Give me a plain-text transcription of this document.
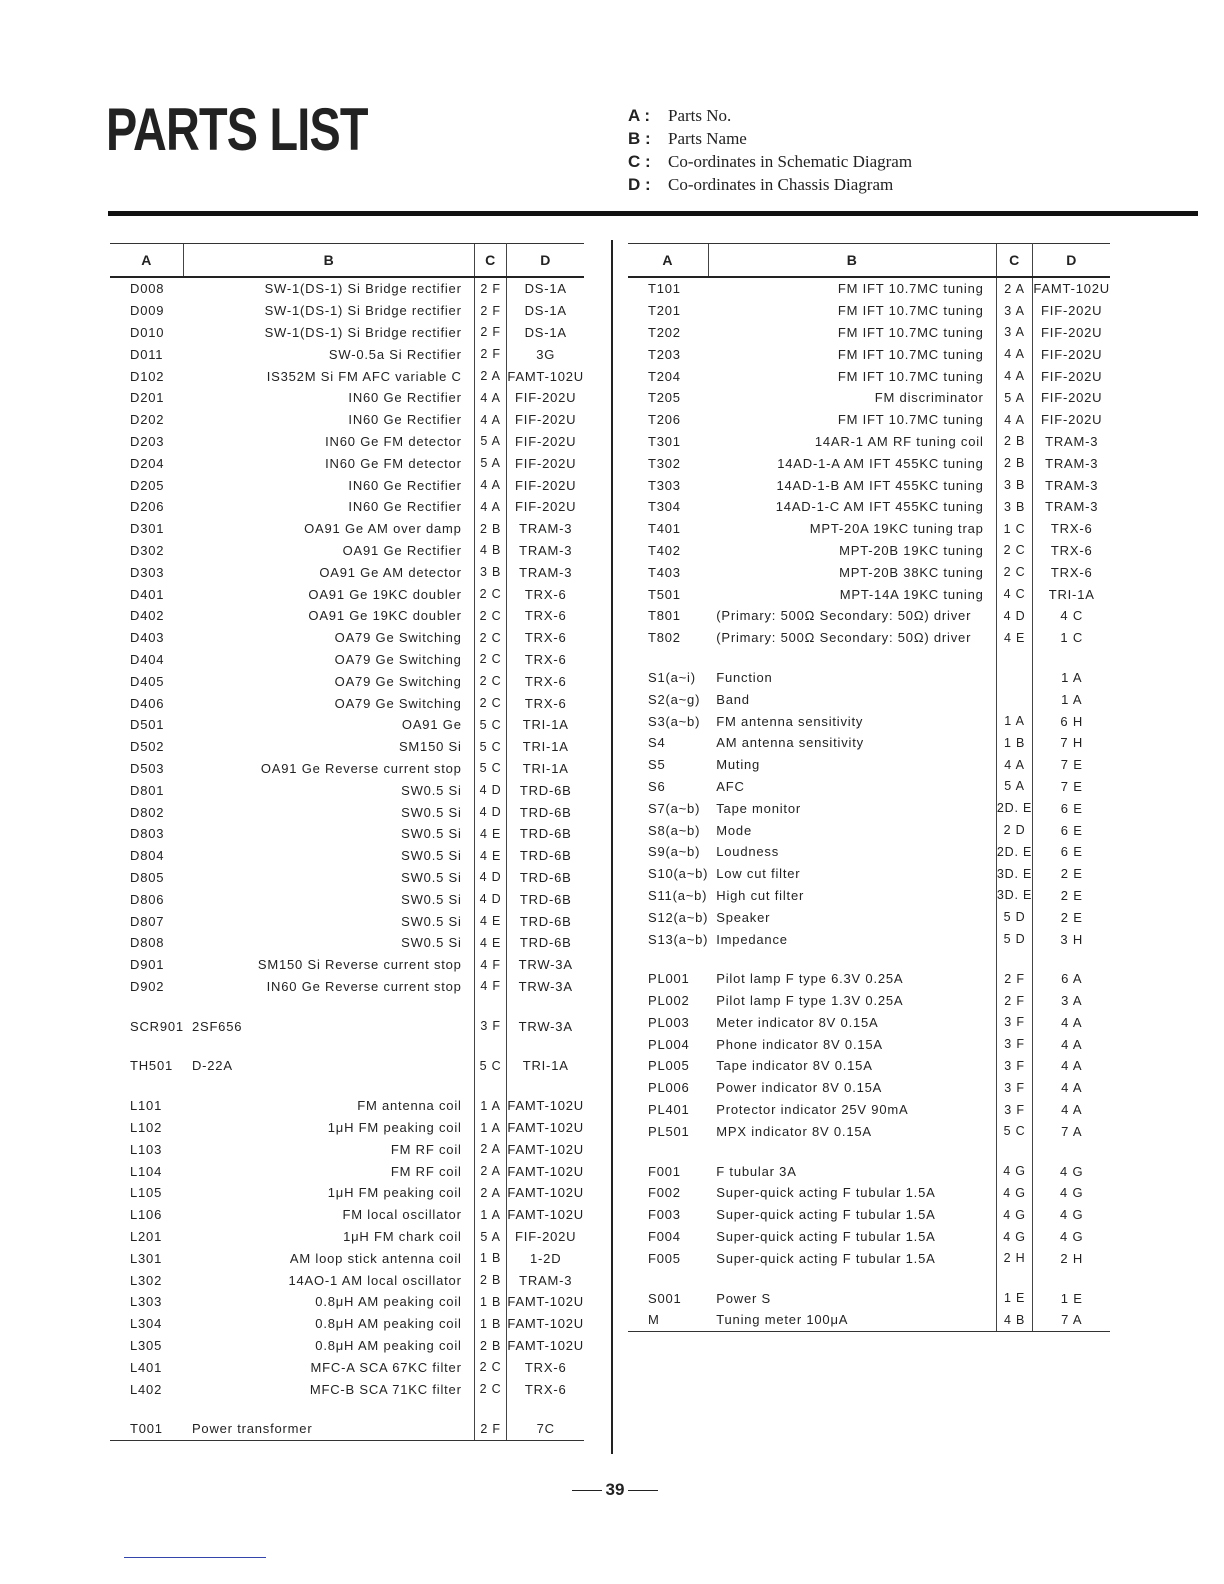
PARTS LIST	A : Parts No.
B : Parts Name
C : Co-ordinates in Schematic Diagram
D : Co-ordinates in Chassis Diagram
A	B	C	D
D008	SW-1(DS-1) Si Bridge rectifier	2 F	DS-1A
D009	SW-1(DS-1) Si Bridge rectifier	2 F	DS-1A
D010	SW-1(DS-1) Si Bridge rectifier	2 F	DS-1A
D011	SW-0.5a Si Rectifier	2 F	3G
D102	IS352M Si FM AFC variable C	2 A	FAMT-102U
D201	IN60 Ge Rectifier	4 A	FIF-202U
D202	IN60 Ge Rectifier	4 A	FIF-202U
D203	IN60 Ge FM detector	5 A	FIF-202U
D204	IN60 Ge FM detector	5 A	FIF-202U
D205	IN60 Ge Rectifier	4 A	FIF-202U
D206	IN60 Ge Rectifier	4 A	FIF-202U
D301	OA91 Ge AM over damp	2 B	TRAM-3
D302	OA91 Ge Rectifier	4 B	TRAM-3
D303	OA91 Ge AM detector	3 B	TRAM-3
D401	OA91 Ge 19KC doubler	2 C	TRX-6
D402	OA91 Ge 19KC doubler	2 C	TRX-6
D403	OA79 Ge Switching	2 C	TRX-6
D404	OA79 Ge Switching	2 C	TRX-6
D405	OA79 Ge Switching	2 C	TRX-6
D406	OA79 Ge Switching	2 C	TRX-6
D501	OA91 Ge	5 C	TRI-1A
D502	SM150 Si	5 C	TRI-1A
D503	OA91 Ge Reverse current stop	5 C	TRI-1A
D801	SW0.5 Si	4 D	TRD-6B
D802	SW0.5 Si	4 D	TRD-6B
D803	SW0.5 Si	4 E	TRD-6B
D804	SW0.5 Si	4 E	TRD-6B
D805	SW0.5 Si	4 D	TRD-6B
D806	SW0.5 Si	4 D	TRD-6B
D807	SW0.5 Si	4 E	TRD-6B
D808	SW0.5 Si	4 E	TRD-6B
D901	SM150 Si Reverse current stop	4 F	TRW-3A
D902	IN60 Ge Reverse current stop	4 F	TRW-3A

SCR901	2SF656	3 F	TRW-3A

TH501	D-22A	5 C	TRI-1A

L101	FM antenna coil	1 A	FAMT-102U
L102	1μH FM peaking coil	1 A	FAMT-102U
L103	FM RF coil	2 A	FAMT-102U
L104	FM RF coil	2 A	FAMT-102U
L105	1μH FM peaking coil	2 A	FAMT-102U
L106	FM local oscillator	1 A	FAMT-102U
L201	1μH FM chark coil	5 A	FIF-202U
L301	AM loop stick antenna coil	1 B	1-2D
L302	14AO-1 AM local oscillator	2 B	TRAM-3
L303	0.8μH AM peaking coil	1 B	FAMT-102U
L304	0.8μH AM peaking coil	1 B	FAMT-102U
L305	0.8μH AM peaking coil	2 B	FAMT-102U
L401	MFC-A SCA 67KC filter	2 C	TRX-6
L402	MFC-B SCA 71KC filter	2 C	TRX-6

T001	Power transformer	2 F	7C
A	B	C	D
T101	FM IFT 10.7MC tuning	2 A	FAMT-102U
T201	FM IFT 10.7MC tuning	3 A	FIF-202U
T202	FM IFT 10.7MC tuning	3 A	FIF-202U
T203	FM IFT 10.7MC tuning	4 A	FIF-202U
T204	FM IFT 10.7MC tuning	4 A	FIF-202U
T205	FM discriminator	5 A	FIF-202U
T206	FM IFT 10.7MC tuning	4 A	FIF-202U
T301	14AR-1 AM RF tuning coil	2 B	TRAM-3
T302	14AD-1-A AM IFT 455KC tuning	2 B	TRAM-3
T303	14AD-1-B AM IFT 455KC tuning	3 B	TRAM-3
T304	14AD-1-C AM IFT 455KC tuning	3 B	TRAM-3
T401	MPT-20A 19KC tuning trap	1 C	TRX-6
T402	MPT-20B 19KC tuning	2 C	TRX-6
T403	MPT-20B 38KC tuning	2 C	TRX-6
T501	MPT-14A 19KC tuning	4 C	TRI-1A
T801	(Primary: 500Ω Secondary: 50Ω) driver	4 D	4 C
T802	(Primary: 500Ω Secondary: 50Ω) driver	4 E	1 C

S1(a~i)	Function		1 A
S2(a~g)	Band		1 A
S3(a~b)	FM antenna sensitivity	1 A	6 H
S4	AM antenna sensitivity	1 B	7 H
S5	Muting	4 A	7 E
S6	AFC	5 A	7 E
S7(a~b)	Tape monitor	2D. E	6 E
S8(a~b)	Mode	2 D	6 E
S9(a~b)	Loudness	2D. E	6 E
S10(a~b)	Low cut filter	3D. E	2 E
S11(a~b)	High cut filter	3D. E	2 E
S12(a~b)	Speaker	5 D	2 E
S13(a~b)	Impedance	5 D	3 H

PL001	Pilot lamp F type 6.3V 0.25A	2 F	6 A
PL002	Pilot lamp F type 1.3V 0.25A	2 F	3 A
PL003	Meter indicator 8V 0.15A	3 F	4 A
PL004	Phone indicator 8V 0.15A	3 F	4 A
PL005	Tape indicator 8V 0.15A	3 F	4 A
PL006	Power indicator 8V 0.15A	3 F	4 A
PL401	Protector indicator 25V 90mA	3 F	4 A
PL501	MPX indicator 8V 0.15A	5 C	7 A

F001	F tubular 3A	4 G	4 G
F002	Super-quick acting F tubular 1.5A	4 G	4 G
F003	Super-quick acting F tubular 1.5A	4 G	4 G
F004	Super-quick acting F tubular 1.5A	4 G	4 G
F005	Super-quick acting F tubular 1.5A	2 H	2 H

S001	Power S	1 E	1 E
M	Tuning meter 100μA	4 B	7 A
39
